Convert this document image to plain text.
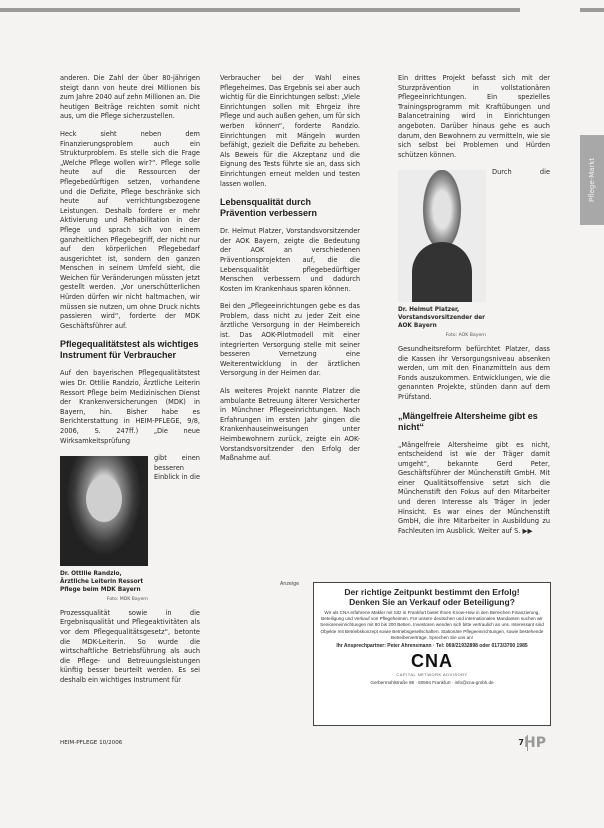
Pflege-Markt

anderen. Die Zahl der über 80-jährigen steigt dann von heute drei Millionen bis zum Jahre 2040 auf zehn Millionen an. Die heutigen Beiträge reichten somit nicht aus, um die Pflege sicherzustellen.

Heck sieht neben dem Finanzierungsproblem auch ein Strukturproblem. Es stelle sich die Frage „Welche Pflege wollen wir?“. Pflege solle heute auf die Ressourcen der Pflegebedürftigen setzen, vorhandene und die Defizite, Pflege beschränke sich heute auf verrichtungsbezogene Leistungen. Deshalb fordere er mehr Aktivierung und Rehabilitation in der Pflege und sprach sich von einem ganzheitlichen Pflegebegriff, der nicht nur auf den körperlichen Pflegebedarf ausgerichtet ist, sondern den ganzen Menschen in seinem Umfeld sieht, die Weichen für Veränderungen müssten jetzt gestellt werden. „Vor unerschütterlichen Hürden dürfen wir nicht haltmachen, wir müssen sie nutzen, um ohne Druck nichts passieren wird“, forderte der MDK Geschäftsführer auf.

Pflegequalitätstest als wichtiges Instrument für Verbraucher

Auf den bayerischen Pflegequalitätstest wies Dr. Ottilie Randzio, Ärztliche Leiterin Ressort Pflege beim Medizinischen Dienst der Krankenversicherungen (MDK) in Bayern, hin. Bisher habe es Berichterstattung in HEIM-PFLEGE, 9/8, 2006, S. 247ff.) „Die neue Wirksamkeitsprüfung

Dr. Ottilie Randzio, Ärztliche Leiterin Ressort Pflege beim MDK Bayern
Foto: MDK Bayern

gibt einen besseren Einblick in die Prozessqualität sowie in die Ergebnisqualität und Pflegeaktivitäten als vor dem Pflegequalitätsgesetz“, betonte die MDK-Leiterin. So wurde die wirtschaftliche Betriebsführung als auch die Pflege- und Betreuungsleistungen künftig besser beurteilt werden. Es sei deshalb ein wichtiges Instrument für

Verbraucher bei der Wahl eines Pflegeheimes. Das Ergebnis sei aber auch wichtig für die Einrichtungen selbst: „Viele Einrichtungen sollen mit Ehrgeiz ihre Pflege und auch außen gehen, um für sich werben können“, forderte Randzio. Einrichtungen mit Mängeln wurden befähigt, gezielt die Defizite zu beheben. Als Beweis für die Akzeptanz und die Eignung des Tests führte sie an, dass sich Einrichtungen erneut melden und testen lassen wollen.

Lebensqualität durch Prävention verbessern

Dr. Helmut Platzer, Vorstandsvorsitzender der AOK Bayern, zeigte die Bedeutung der AOK an verschiedenen Präventionsprojekten auf, die die Lebensqualität pflegebedürftiger Menschen verbessern und dadurch Kosten im Krankenhaus sparen können.

Bei den „Pflegeeinrichtungen gebe es das Problem, dass nicht zu jeder Zeit eine ärztliche Versorgung in der Heimbereich ist. Das AOK-Pilotmodell mit einer integrierten Versorgung stelle mit seiner besseren Vernetzung eine Weiterentwicklung in der ärztlichen Versorgung in der Heimen dar.

Als weiteres Projekt nannte Platzer die ambulante Betreuung älterer Versicherter in Münchner Pflegeeinrichtungen. Nach Erfahrungen im ersten Jahr gingen die Krankenhauseinweisungen unter Heimbewohnern zurück, zeigte ein AOK-Vorstandsvorsitzender den Erfolg der Maßnahme auf.

Ein drittes Projekt befasst sich mit der Sturzprävention in vollstationären Pflegeeinrichtungen. Ein spezielles Trainingsprogramm mit Kraftübungen und Balancetraining wird in Einrichtungen angeboten. Darüber hinaus gehe es auch darum, den Bewohnern zu vermitteln, wie sie sich selbst bei Problemen und Hürden schützen können.

Dr. Helmut Platzer, Vorstandsvorsitzender der AOK Bayern
Foto: AOK Bayern

Durch die Gesundheitsreform befürchtet Platzer, dass die Kassen ihr Versorgungsniveau absenken werden, um mit den Finanzmitteln aus dem Fonds auszukommen. Entwicklungen, wie die genannten Projekte, stünden dann auf dem Prüfstand.

„Mängelfreie Altersheime gibt es nicht“

„Mängelfreie Altersheime gibt es nicht, entscheidend ist wie der Träger damit umgeht“, bekannte Gerd Peter, Geschäftsführer der Münchenstift GmbH. Mit einer Qualitätsoffensive setzt sich die Münchenstift den Fokus auf den Mitarbeiter und deren Interesse als Träger in jeder Hinsicht. Es war eines der Münchenstift GmbH, die ihre Mitarbeiter in Ausbildung zu Fachleuten im Ausblick. Weiter auf S. ▶▶

Anzeige
Der richtige Zeitpunkt bestimmt den Erfolg!
Denken Sie an Verkauf oder Beteiligung?
Wir als CNA erfahrene Makler mit Sitz in Frankfurt bietet Ihnen Know-How in den Bereichen Finanzierung, Beteiligung und Verkauf von Pflegeheimen. Für unsere deutschen und internationalen Mandanten suchen wir Senioreneinrichtungen mit 80 bis 200 Betten. Investoren wenden sich bitte vertraulich an uns. Interessant sind Objekte mit Betriebskonzept sowie Betriebsgesellschaften. Stationäre Pflegeeinrichtungen, sowie bestehende Betreiberverträge. Sprechen Sie uns an!
Ihr Ansprechpartner: Peter Ahrensmann · Tel: 069/21932898 oder 0173/3700 1985
CNA
CAPITAL NETWORK ADVISORY
Gerbermühlstraße 98 · 60594 Frankfurt · info@cna-gmbh.de
HEIM-PFLEGE 10/2006	7 HP
